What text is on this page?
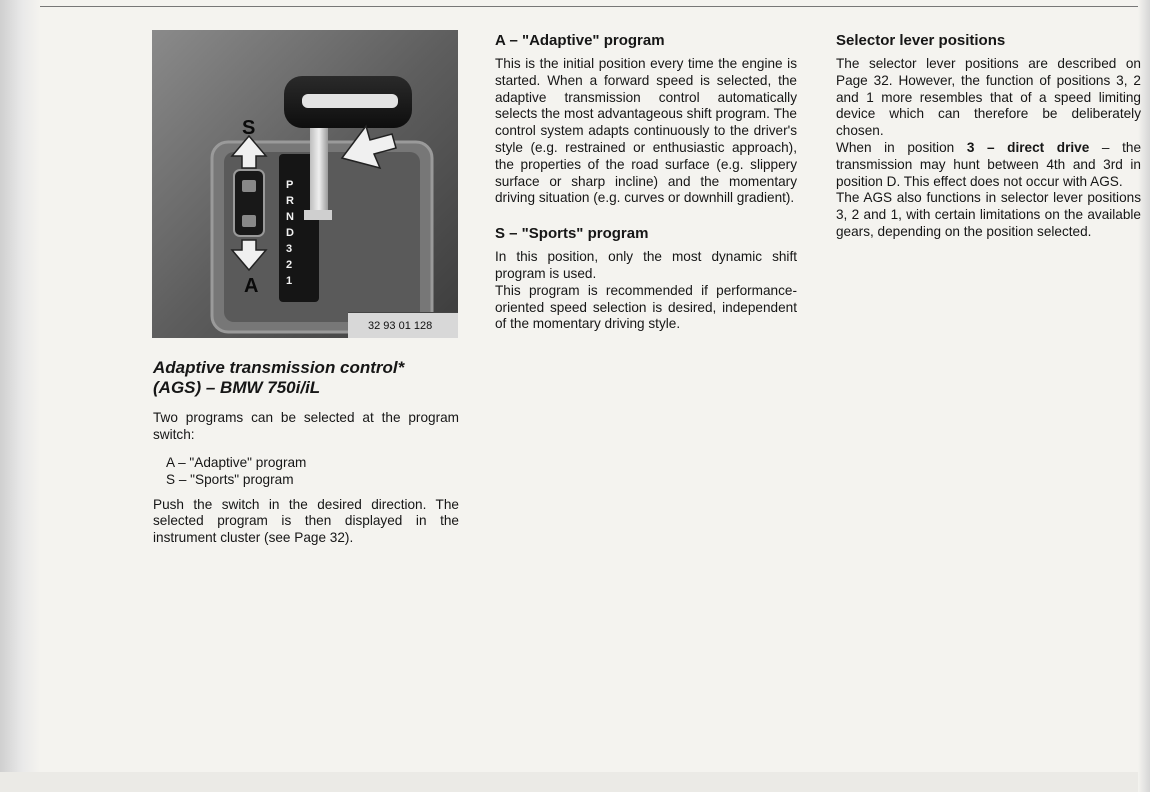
S
A
P
R
N
D
3
2
1
32 93 01 128
Adaptive transmission control*
(AGS) – BMW 750i/iL

Two programs can be selected at the program switch:

A – "Adaptive" program
S – "Sports" program

Push the switch in the desired direction. The selected program is then displayed in the instrument cluster (see Page 32).

A – "Adaptive" program

This is the initial position every time the engine is started. When a forward speed is selected, the adaptive transmission control automatically selects the most advantageous shift program. The control system adapts continuously to the driver's style (e.g. restrained or enthusiastic approach), the properties of the road surface (e.g. slippery surface or sharp incline) and the momentary driving situation (e.g. curves or downhill gradient).

S – "Sports" program

In this position, only the most dynamic shift program is used.

This program is recommended if performance-oriented speed selection is desired, independent of the momentary driving style.

Selector lever positions

The selector lever positions are described on Page 32. However, the function of positions 3, 2 and 1 more resembles that of a speed limiting device which can therefore be deliberately chosen.

When in position 3 – direct drive – the transmission may hunt between 4th and 3rd in position D. This effect does not occur with AGS.

The AGS also functions in selector lever positions 3, 2 and 1, with certain limitations on the available gears, depending on the position selected.
